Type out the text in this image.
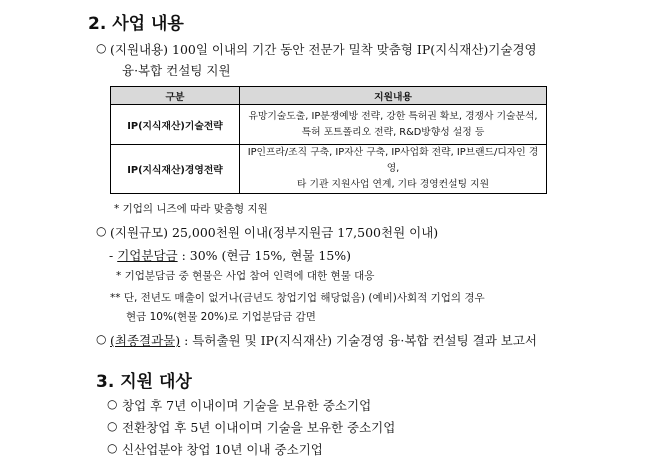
2. 사업 내용
○ (지원내용) 100일 이내의 기간 동안 전문가 밀착 맞춤형 IP(지식재산)기술경영
융·복합 컨설팅 지원
구분	지원내용
IP(지식재산)기술전략	유망기술도출, IP분쟁예방 전략, 강한 특허권 확보, 경쟁사 기술분석,
특허 포트폴리오 전략, R&D방향성 설정 등

IP(지식재산)경영전략	IP인프라/조직 구축, IP자산 구축, IP사업화 전략, IP브랜드/디자인 경영,
타 기관 지원사업 연계, 기타 경영컨설팅 지원
* 기업의 니즈에 따라 맞춤형 지원
○ (지원규모) 25,000천원 이내(정부지원금 17,500천원 이내)
- 기업분담금 : 30% (현금 15%, 현물 15%)
* 기업분담금 중 현물은 사업 참여 인력에 대한 현물 대응
** 단, 전년도 매출이 없거나(금년도 창업기업 해당없음) (예비)사회적 기업의 경우
현금 10%(현물 20%)로 기업분담금 감면
○ (최종결과물) : 특허출원 및 IP(지식재산) 기술경영 융·복합 컨설팅 결과 보고서
3. 지원 대상
○ 창업 후 7년 이내이며 기술을 보유한 중소기업
○ 전환창업 후 5년 이내이며 기술을 보유한 중소기업
○ 신산업분야 창업 10년 이내 중소기업
